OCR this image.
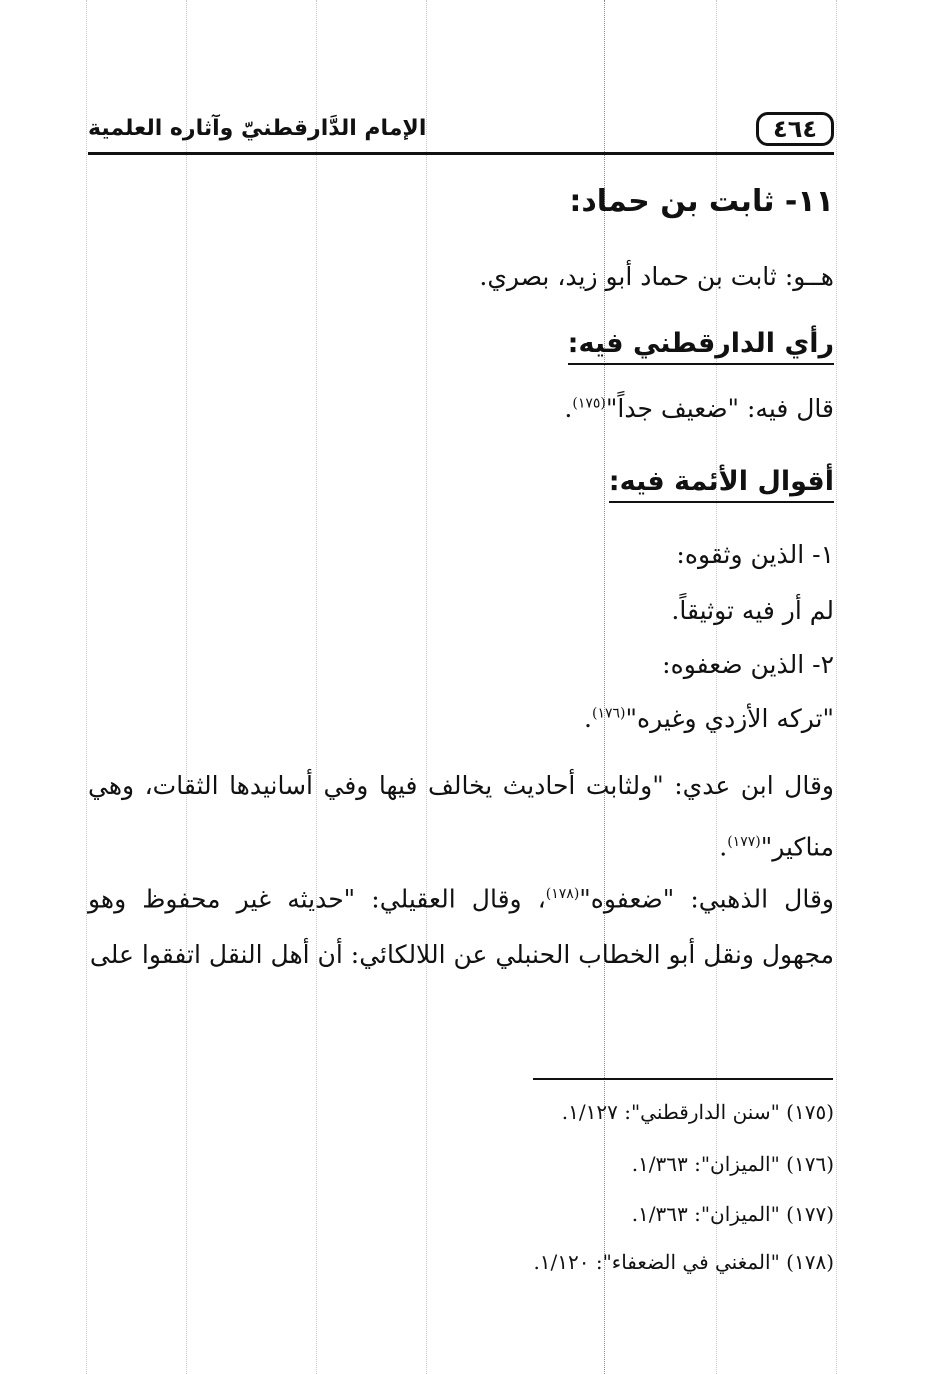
٤٦٤
الإمام الدَّارقطنيّ وآثاره العلمية
١١- ثابت بن حماد:
هــو: ثابت بن حماد أبو زيد، بصري.
رأي الدارقطني فيه:
قال فيه: "ضعيف جداً"$^{(١٧٥)}$.
أقوال الأئمة فيه:
١- الذين وثقوه:
لم أر فيه توثيقاً.
٢- الذين ضعفوه:
"تركه الأزدي وغيره"$^{(١٧٦)}$.
وقال ابن عدي: "ولثابت أحاديث يخالف فيها وفي أسانيدها الثقات، وهي مناكير"$^{(١٧٧)}$.
وقال الذهبي: "ضعفوه"$^{(١٧٨)}$، وقال العقيلي: "حديثه غير محفوظ وهو مجهول ونقل أبو الخطاب الحنبلي عن اللالكائي: أن أهل النقل اتفقوا على
(١٧٥) "سنن الدارقطني": ١/١٢٧.
(١٧٦) "الميزان": ١/٣٦٣.
(١٧٧) "الميزان": ١/٣٦٣.
(١٧٨) "المغني في الضعفاء": ١/١٢٠.
